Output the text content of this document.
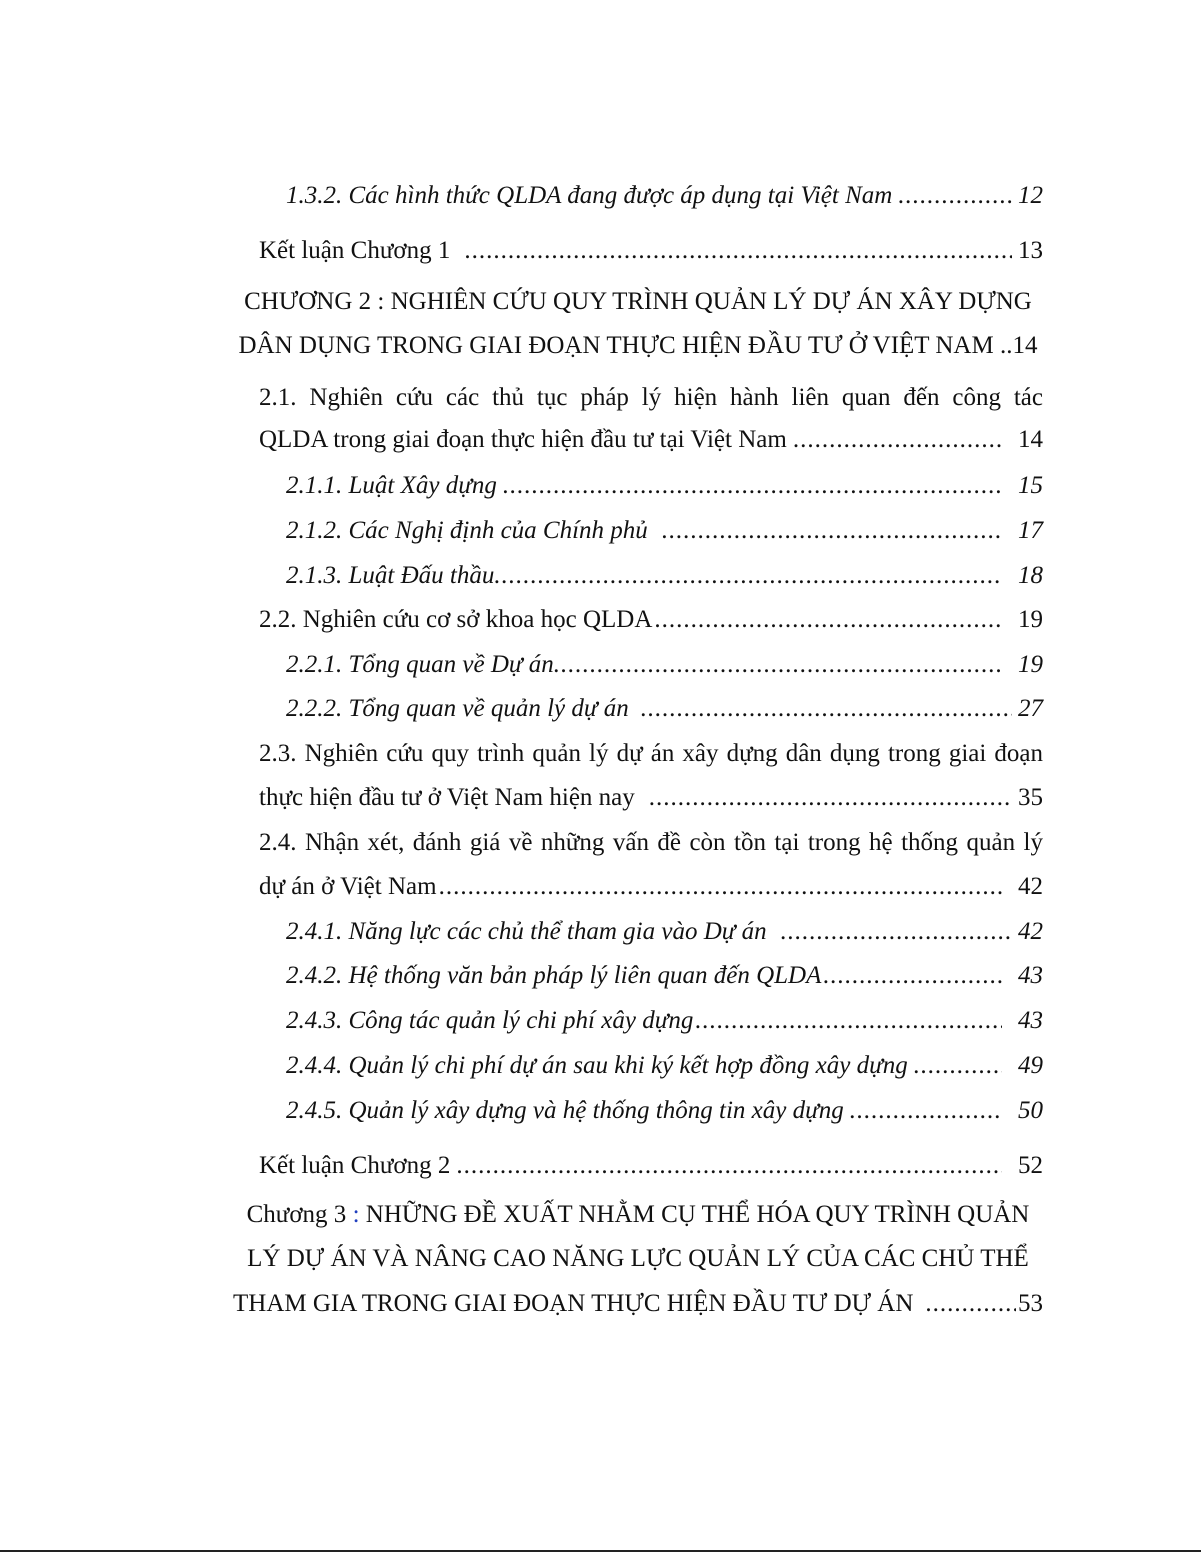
1.3.2. Các hình thức QLDA đang được áp dụng tại Việt Nam .....	12
Kết luận Chương 1 .....	13
CHƯƠNG 2 : NGHIÊN CỨU QUY TRÌNH QUẢN LÝ DỰ ÁN XÂY DỰNG
DÂN DỤNG TRONG GIAI ĐOẠN THỰC HIỆN ĐẦU TƯ Ở VIỆT NAM ..14
2.1. Nghiên cứu các thủ tục pháp lý hiện hành liên quan đến công tác
QLDA trong giai đoạn thực hiện đầu tư tại Việt Nam .....	14
2.1.1. Luật Xây dựng .....	15
2.1.2. Các Nghị định của Chính phủ .....	17
2.1.3. Luật Đấu thầu .....	18
2.2. Nghiên cứu cơ sở khoa học QLDA .....	19
2.2.1. Tổng quan về Dự án .....	19
2.2.2. Tổng quan về quản lý dự án .....	27
2.3. Nghiên cứu quy trình quản lý dự án xây dựng dân dụng trong giai đoạn
thực hiện đầu tư ở Việt Nam hiện nay .....	35
2.4. Nhận xét, đánh giá về những vấn đề còn tồn tại trong hệ thống quản lý
dự án ở Việt Nam .....	42
2.4.1. Năng lực các chủ thể tham gia vào Dự án .....	42
2.4.2. Hệ thống văn bản pháp lý liên quan đến QLDA .....	43
2.4.3. Công tác quản lý chi phí xây dựng .....	43
2.4.4. Quản lý chi phí dự án sau khi ký kết hợp đồng xây dựng .....	49
2.4.5. Quản lý xây dựng và hệ thống thông tin xây dựng .....	50
Kết luận Chương 2 .....	52
Chương 3 : NHỮNG ĐỀ XUẤT NHẰM CỤ THỂ HÓA QUY TRÌNH QUẢN
LÝ DỰ ÁN VÀ NÂNG CAO NĂNG LỰC QUẢN LÝ CỦA CÁC CHỦ THỂ
THAM GIA TRONG GIAI ĐOẠN THỰC HIỆN ĐẦU TƯ DỰ ÁN .....	53
